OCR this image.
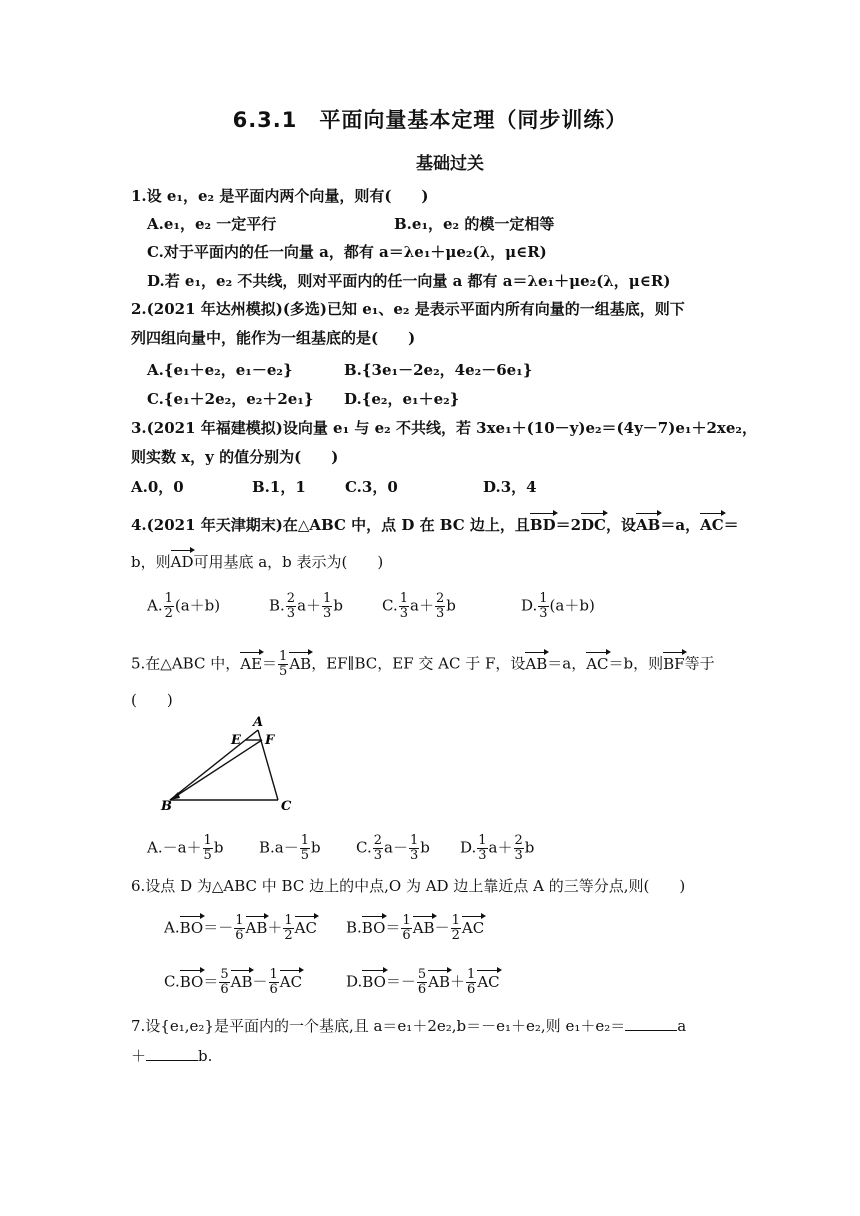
6.3.1　平面向量基本定理（同步训练）
基础过关
1.设 e₁，e₂ 是平面内两个向量，则有(　　)
A.e₁，e₂ 一定平行	B.e₁，e₂ 的模一定相等
C.对于平面内的任一向量 a，都有 a＝λe₁＋μe₂(λ，μ∈R)
D.若 e₁，e₂ 不共线，则对平面内的任一向量 a 都有 a＝λe₁＋μe₂(λ，μ∈R)
2.(2021 年达州模拟)(多选)已知 e₁、e₂ 是表示平面内所有向量的一组基底，则下
列四组向量中，能作为一组基底的是(　　)
A.{e₁＋e₂，e₁－e₂}	B.{3e₁－2e₂，4e₂－6e₁}
C.{e₁＋2e₂，e₂＋2e₁} D.{e₂，e₁＋e₂}
3.(2021 年福建模拟)设向量 e₁ 与 e₂ 不共线，若 3xe₁＋(10－y)e₂＝(4y－7)e₁＋2xe₂，
则实数 x，y 的值分别为(　　)
A.0，0	B.1，1	C.3，0	D.3，4
4.(2021 年天津期末)在△ABC 中，点 D 在 BC 边上，且BD＝2DC，设AB＝a，AC＝
b，则AD可用基底 a，b 表示为(　　)
A. $\frac{1}{2} (a+b)$	B. $\frac{2}{3} a+ \frac{1}{3}$ b	C. $\frac{1}{3} a+ \frac{2}{3}$ b	D. $\frac{1}{3} (a+b)$
5.在△ABC 中，$AE= \frac{1}{5}$ AB，EF∥BC，EF 交 AC 于 F，设AB＝a，AC＝b，则BF等于
(　　)
A
B	C
E F
$A.-a+ \frac{1}{5}$ b $B.a- \frac{1}{5}$ b C. $\frac{2}{3} a- \frac{1}{3}$ b D. $\frac{1}{3} a+ \frac{2}{3}$ b
6.设点 D 为△ABC 中 BC 边上的中点,O 为 AD 边上靠近点 A 的三等分点,则(　　)
$A.BO=- \frac{1}{6} AB+ \frac{1}{2}$ AC $B.BO= \frac{1}{6} AB- \frac{1}{2}$ AC
$C.BO= \frac{5}{6} AB- \frac{1}{6}$ AC	$D.BO=- \frac{5}{6} AB+ \frac{1}{6}$ AC
7.设{e₁,e₂}是平面内的一个基底,且 a＝e₁＋2e₂,b＝－e₁＋e₂,则 e₁＋e₂＝	a
＋	b.
